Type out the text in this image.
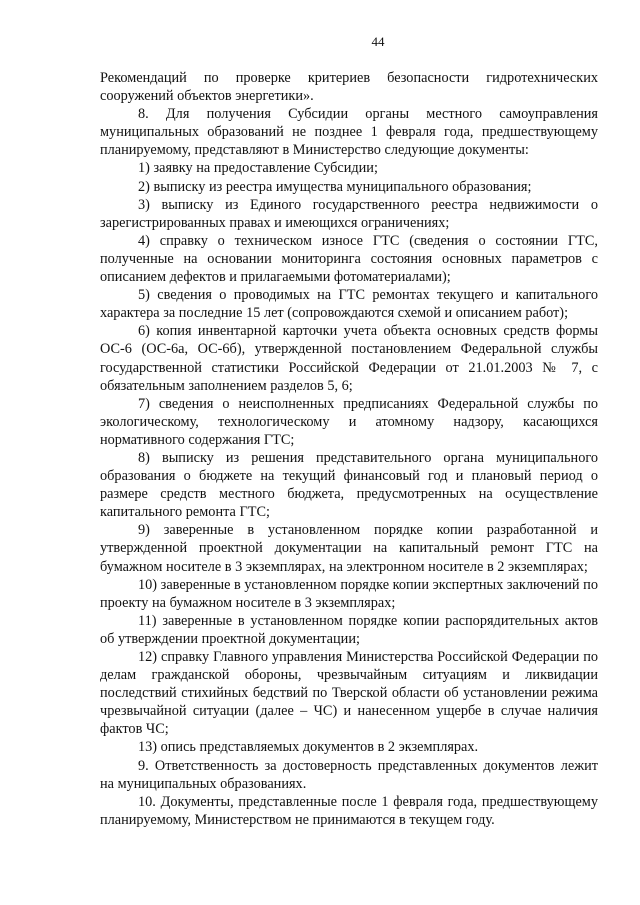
44

Рекомендаций по проверке критериев безопасности гидротехнических сооружений объектов энергетики».

8. Для получения Субсидии органы местного самоуправления муниципальных образований не позднее 1 февраля года, предшествующему планируемому, представляют в Министерство следующие документы:

1) заявку на предоставление Субсидии;

2) выписку из реестра имущества муниципального образования;

3) выписку из Единого государственного реестра недвижимости о зарегистрированных правах и имеющихся ограничениях;

4) справку о техническом износе ГТС (сведения о состоянии ГТС, полученные на основании мониторинга состояния основных параметров с описанием дефектов и прилагаемыми фотоматериалами);

5) сведения о проводимых на ГТС ремонтах текущего и капитального характера за последние 15 лет (сопровождаются схемой и описанием работ);

6) копия инвентарной карточки учета объекта основных средств формы ОС-6 (ОС-6а, ОС-6б), утвержденной постановлением Федеральной службы государственной статистики Российской Федерации от 21.01.2003 № 7, с обязательным заполнением разделов 5, 6;

7) сведения о неисполненных предписаниях Федеральной службы по экологическому, технологическому и атомному надзору, касающихся нормативного содержания ГТС;

8) выписку из решения представительного органа муниципального образования о бюджете на текущий финансовый год и плановый период о размере средств местного бюджета, предусмотренных на осуществление капитального ремонта ГТС;

9) заверенные в установленном порядке копии разработанной и утвержденной проектной документации на капитальный ремонт ГТС на бумажном носителе в 3 экземплярах, на электронном носителе в 2 экземплярах;

10) заверенные в установленном порядке копии экспертных заключений по проекту на бумажном носителе в 3 экземплярах;

11) заверенные в установленном порядке копии распорядительных актов об утверждении проектной документации;

12) справку Главного управления Министерства Российской Федерации по делам гражданской обороны, чрезвычайным ситуациям и ликвидации последствий стихийных бедствий по Тверской области об установлении режима чрезвычайной ситуации (далее – ЧС) и нанесенном ущербе в случае наличия фактов ЧС;

13) опись представляемых документов в 2 экземплярах.

9. Ответственность за достоверность представленных документов лежит на муниципальных образованиях.

10. Документы, представленные после 1 февраля года, предшествующему планируемому, Министерством не принимаются в текущем году.
